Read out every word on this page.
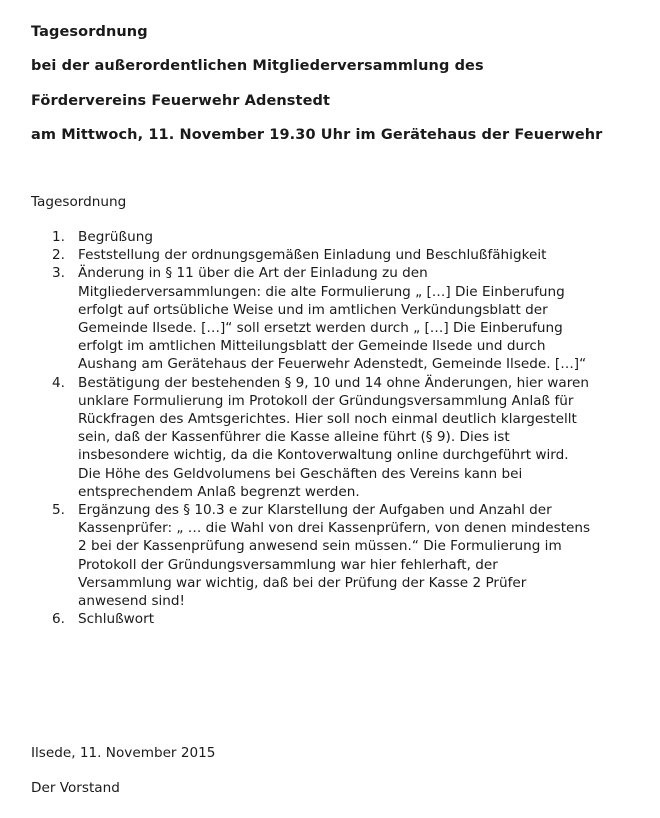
Tagesordnung
bei der außerordentlichen Mitgliederversammlung des
Fördervereins Feuerwehr Adenstedt
am Mittwoch, 11. November 19.30 Uhr im Gerätehaus der Feuerwehr
Tagesordnung
1. Begrüßung
2. Feststellung der ordnungsgemäßen Einladung und Beschlußfähigkeit
3. Änderung in § 11 über die Art der Einladung zu den
Mitgliederversammlungen: die alte Formulierung „ […] Die Einberufung
erfolgt auf ortsübliche Weise und im amtlichen Verkündungsblatt der
Gemeinde Ilsede. […]“ soll ersetzt werden durch „ […] Die Einberufung
erfolgt im amtlichen Mitteilungsblatt der Gemeinde Ilsede und durch
Aushang am Gerätehaus der Feuerwehr Adenstedt, Gemeinde Ilsede. […]“
4. Bestätigung der bestehenden § 9, 10 und 14 ohne Änderungen, hier waren
unklare Formulierung im Protokoll der Gründungsversammlung Anlaß für
Rückfragen des Amtsgerichtes. Hier soll noch einmal deutlich klargestellt
sein, daß der Kassenführer die Kasse alleine führt (§ 9). Dies ist
insbesondere wichtig, da die Kontoverwaltung online durchgeführt wird.
Die Höhe des Geldvolumens bei Geschäften des Vereins kann bei
entsprechendem Anlaß begrenzt werden.
5. Ergänzung des § 10.3 e zur Klarstellung der Aufgaben und Anzahl der
Kassenprüfer: „ … die Wahl von drei Kassenprüfern, von denen mindestens
2 bei der Kassenprüfung anwesend sein müssen.“ Die Formulierung im
Protokoll der Gründungsversammlung war hier fehlerhaft, der
Versammlung war wichtig, daß bei der Prüfung der Kasse 2 Prüfer
anwesend sind!
6. Schlußwort
Ilsede, 11. November 2015
Der Vorstand
